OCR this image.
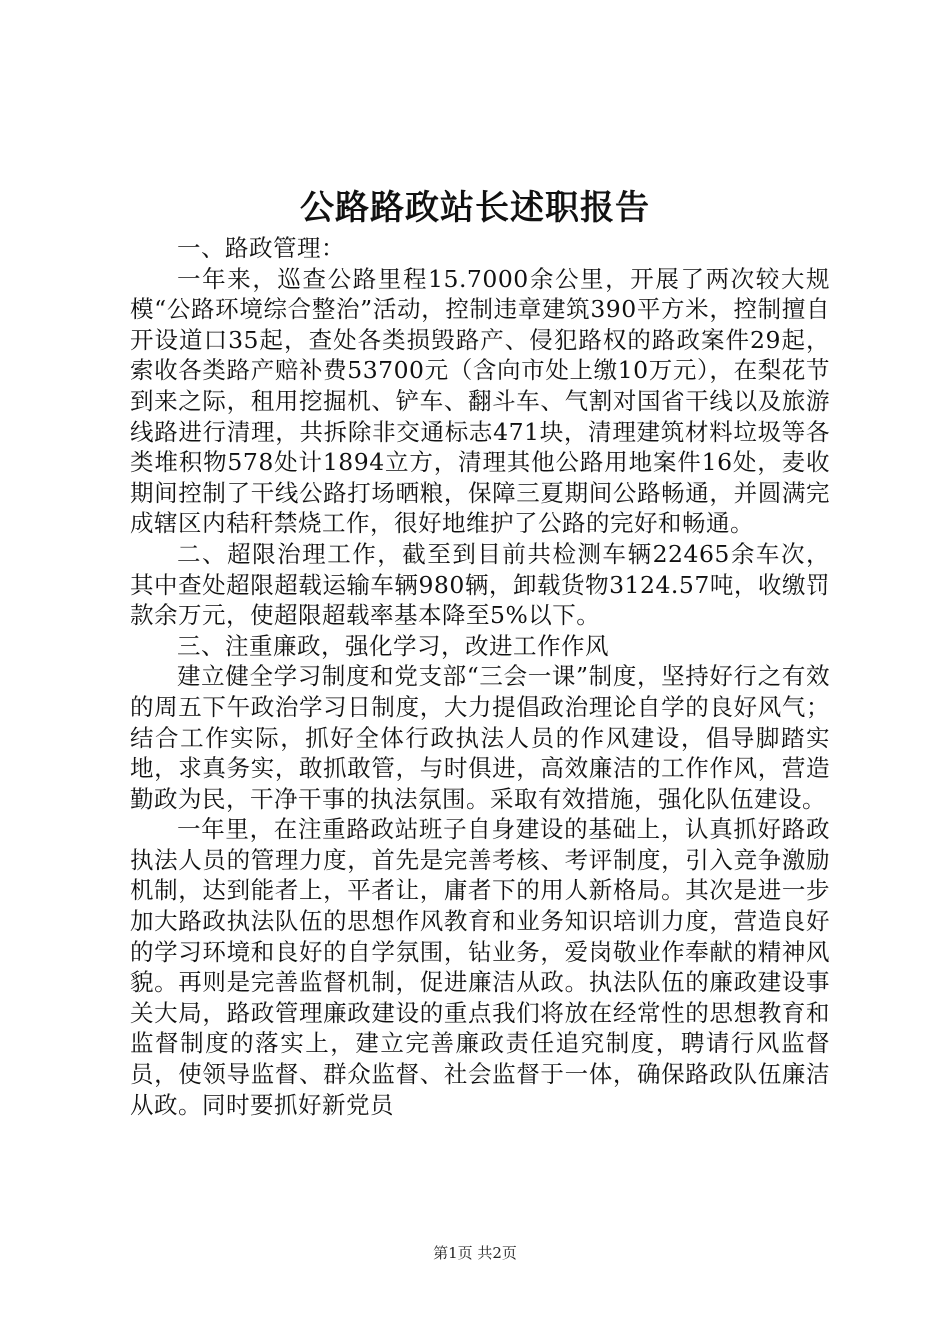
公路路政站长述职报告

一、路政管理：

一年来，巡查公路里程15.7000余公里，开展了两次较大规模“公路环境综合整治”活动，控制违章建筑390平方米，控制擅自开设道口35起，查处各类损毁路产、侵犯路权的路政案件29起，索收各类路产赔补费53700元（含向市处上缴10万元），在梨花节到来之际，租用挖掘机、铲车、翻斗车、气割对国省干线以及旅游线路进行清理，共拆除非交通标志471块，清理建筑材料垃圾等各类堆积物578处计1894立方，清理其他公路用地案件16处，麦收期间控制了干线公路打场晒粮，保障三夏期间公路畅通，并圆满完成辖区内秸秆禁烧工作，很好地维护了公路的完好和畅通。

二、超限治理工作，截至到目前共检测车辆22465余车次，其中查处超限超载运输车辆980辆，卸载货物3124.57吨，收缴罚款余万元，使超限超载率基本降至5%以下。

三、注重廉政，强化学习，改进工作作风

建立健全学习制度和党支部“三会一课”制度，坚持好行之有效的周五下午政治学习日制度，大力提倡政治理论自学的良好风气；结合工作实际，抓好全体行政执法人员的作风建设，倡导脚踏实地，求真务实，敢抓敢管，与时俱进，高效廉洁的工作作风，营造勤政为民，干净干事的执法氛围。采取有效措施，强化队伍建设。

一年里，在注重路政站班子自身建设的基础上，认真抓好路政执法人员的管理力度，首先是完善考核、考评制度，引入竞争激励机制，达到能者上，平者让，庸者下的用人新格局。其次是进一步加大路政执法队伍的思想作风教育和业务知识培训力度，营造良好的学习环境和良好的自学氛围，钻业务，爱岗敬业作奉献的精神风貌。再则是完善监督机制，促进廉洁从政。执法队伍的廉政建设事关大局，路政管理廉政建设的重点我们将放在经常性的思想教育和监督制度的落实上，建立完善廉政责任追究制度，聘请行风监督员，使领导监督、群众监督、社会监督于一体，确保路政队伍廉洁从政。同时要抓好新党员

第1页 共2页
